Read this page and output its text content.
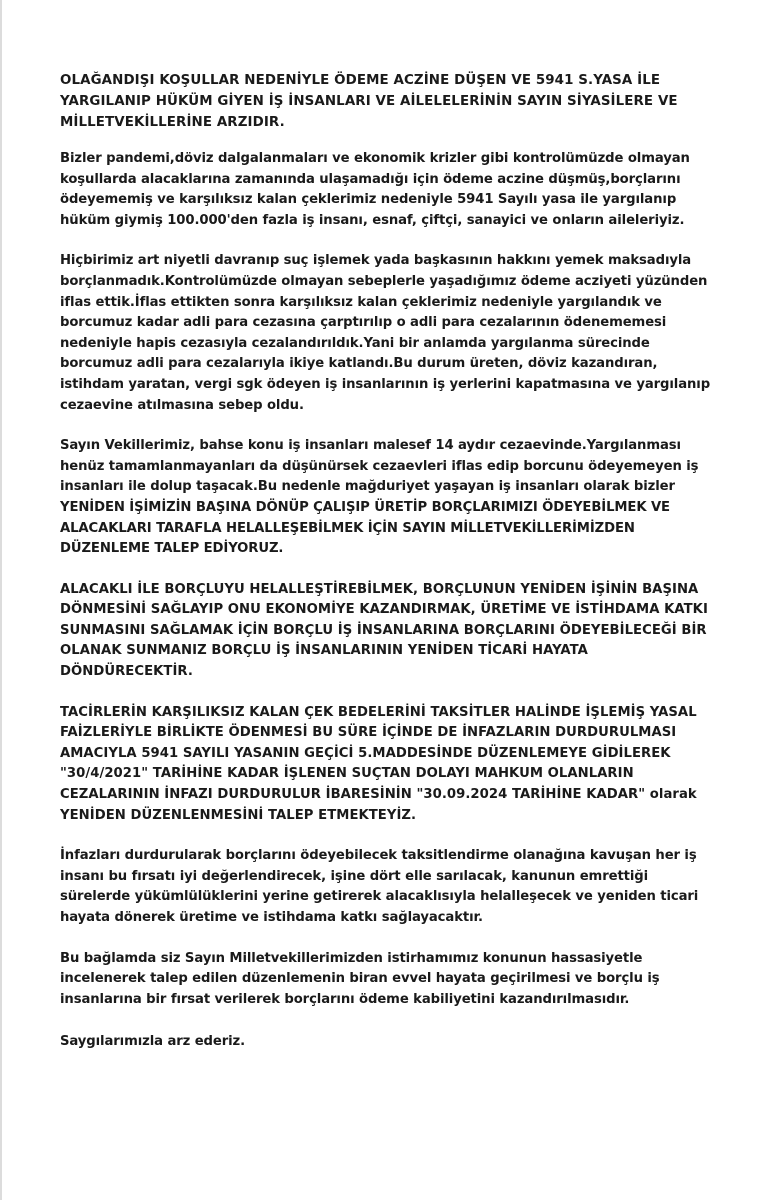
OLAĞANDIŞI KOŞULLAR NEDENİYLE ÖDEME ACZİNE DÜŞEN VE 5941 S.YASA İLE YARGILANIP HÜKÜM GİYEN İŞ İNSANLARI VE AİLELELERİNİN SAYIN SİYASİLERE VE MİLLETVEKİLLERİNE ARZIDIR.

Bizler pandemi,döviz dalgalanmaları ve ekonomik krizler gibi kontrolümüzde olmayan koşullarda alacaklarına zamanında ulaşamadığı için ödeme aczine düşmüş,borçlarını ödeyememiş ve karşılıksız kalan çeklerimiz nedeniyle 5941 Sayılı yasa ile yargılanıp hüküm giymiş 100.000'den fazla iş insanı, esnaf, çiftçi, sanayici ve onların aileleriyiz.

Hiçbirimiz art niyetli davranıp suç işlemek yada başkasının hakkını yemek maksadıyla borçlanmadık.Kontrolümüzde olmayan sebeplerle yaşadığımız ödeme acziyeti yüzünden iflas ettik.İflas ettikten sonra karşılıksız kalan çeklerimiz nedeniyle yargılandık ve borcumuz kadar adli para cezasına çarptırılıp o adli para cezalarının ödenememesi nedeniyle hapis cezasıyla cezalandırıldık.Yani bir anlamda yargılanma sürecinde borcumuz adli para cezalarıyla ikiye katlandı.Bu durum üreten, döviz kazandıran, istihdam yaratan, vergi sgk ödeyen iş insanlarının iş yerlerini kapatmasına ve yargılanıp cezaevine atılmasına sebep oldu.

Sayın Vekillerimiz, bahse konu iş insanları malesef 14 aydır cezaevinde.Yargılanması henüz tamamlanmayanları da düşünürsek cezaevleri iflas edip borcunu ödeyemeyen iş insanları ile dolup taşacak.Bu nedenle mağduriyet yaşayan iş insanları olarak bizler YENİDEN İŞİMİZİN BAŞINA DÖNÜP ÇALIŞIP ÜRETİP BORÇLARIMIZI ÖDEYEBİLMEK VE ALACAKLARI TARAFLA HELALLEŞEBİLMEK İÇİN SAYIN MİLLETVEKİLLERİMİZDEN DÜZENLEME TALEP EDİYORUZ.

ALACAKLI İLE BORÇLUYU HELALLEŞTİREBİLMEK, BORÇLUNUN YENİDEN İŞİNİN BAŞINA DÖNMESİNİ SAĞLAYIP ONU EKONOMİYE KAZANDIRMAK, ÜRETİME VE İSTİHDAMA KATKI SUNMASINI SAĞLAMAK İÇİN BORÇLU İŞ İNSANLARINA BORÇLARINI ÖDEYEBİLECEĞİ BİR OLANAK SUNMANIZ BORÇLU İŞ İNSANLARININ YENİDEN TİCARİ HAYATA DÖNDÜRECEKTİR.

TACİRLERİN KARŞILIKSIZ KALAN ÇEK BEDELERİNİ TAKSİTLER HALİNDE İŞLEMİŞ YASAL FAİZLERİYLE BİRLİKTE ÖDENMESİ BU SÜRE İÇİNDE DE İNFAZLARIN DURDURULMASI AMACIYLA 5941 SAYILI YASANIN GEÇİCİ 5.MADDESİNDE DÜZENLEMEYE GİDİLEREK "30/4/2021" TARİHİNE KADAR İŞLENEN SUÇTAN DOLAYI MAHKUM OLANLARIN CEZALARININ İNFAZI DURDURULUR İBARESİNİN "30.09.2024 TARİHİNE KADAR" olarak YENİDEN DÜZENLENMESİNİ TALEP ETMEKTEYİZ.

İnfazları durdurularak borçlarını ödeyebilecek taksitlendirme olanağına kavuşan her iş insanı bu fırsatı iyi değerlendirecek, işine dört elle sarılacak, kanunun emrettiği sürelerde yükümlülüklerini yerine getirerek alacaklısıyla helalleşecek ve yeniden ticari hayata dönerek üretime ve istihdama katkı sağlayacaktır.

Bu bağlamda siz Sayın Milletvekillerimizden istirhamımız konunun hassasiyetle incelenerek talep edilen düzenlemenin biran evvel hayata geçirilmesi ve borçlu iş insanlarına bir fırsat verilerek borçlarını ödeme kabiliyetini kazandırılmasıdır.

Saygılarımızla arz ederiz.
